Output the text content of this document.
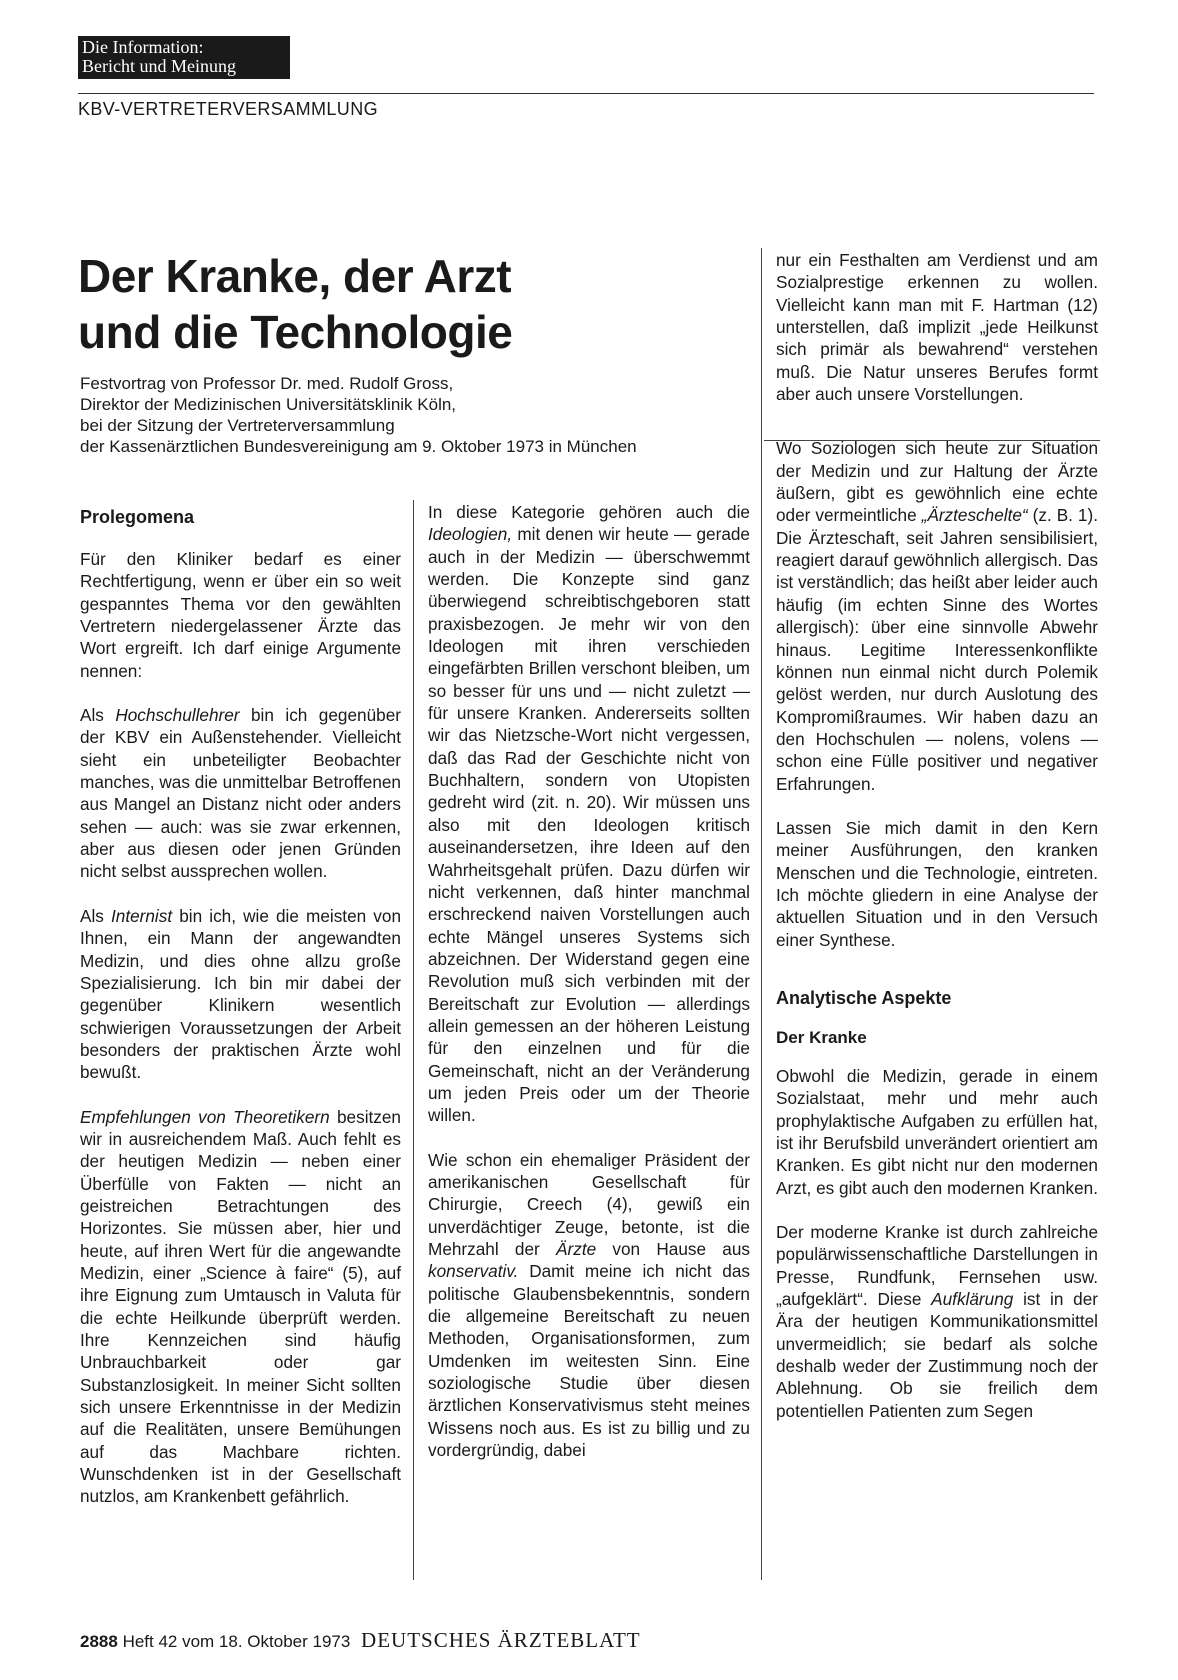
Die Information:
Bericht und Meinung
KBV-VERTRETERVERSAMMLUNG
Der Kranke, der Arzt
und die Technologie
Festvortrag von Professor Dr. med. Rudolf Gross,
Direktor der Medizinischen Universitätsklinik Köln,
bei der Sitzung der Vertreterversammlung
der Kassenärztlichen Bundesvereinigung am 9. Oktober 1973 in München
Prolegomena

Für den Kliniker bedarf es einer Rechtfertigung, wenn er über ein so weit gespanntes Thema vor den gewählten Vertretern niedergelassener Ärzte das Wort ergreift. Ich darf einige Argumente nennen:

Als Hochschullehrer bin ich gegenüber der KBV ein Außenstehender. Vielleicht sieht ein unbeteiligter Beobachter manches, was die unmittelbar Betroffenen aus Mangel an Distanz nicht oder anders sehen — auch: was sie zwar erkennen, aber aus diesen oder jenen Gründen nicht selbst aussprechen wollen.

Als Internist bin ich, wie die meisten von Ihnen, ein Mann der angewandten Medizin, und dies ohne allzu große Spezialisierung. Ich bin mir dabei der gegenüber Klinikern wesentlich schwierigen Voraussetzungen der Arbeit besonders der praktischen Ärzte wohl bewußt.

Empfehlungen von Theoretikern besitzen wir in ausreichendem Maß. Auch fehlt es der heutigen Medizin — neben einer Überfülle von Fakten — nicht an geistreichen Betrachtungen des Horizontes. Sie müssen aber, hier und heute, auf ihren Wert für die angewandte Medizin, einer „Science à faire“ (5), auf ihre Eignung zum Umtausch in Valuta für die echte Heilkunde überprüft werden. Ihre Kennzeichen sind häufig Unbrauchbarkeit oder gar Substanzlosigkeit. In meiner Sicht sollten sich unsere Erkenntnisse in der Medizin auf die Realitäten, unsere Bemühungen auf das Machbare richten. Wunschdenken ist in der Gesellschaft nutzlos, am Krankenbett gefährlich.

In diese Kategorie gehören auch die Ideologien, mit denen wir heute — gerade auch in der Medizin — überschwemmt werden. Die Konzepte sind ganz überwiegend schreibtischgeboren statt praxisbezogen. Je mehr wir von den Ideologen mit ihren verschieden eingefärbten Brillen verschont bleiben, um so besser für uns und — nicht zuletzt — für unsere Kranken. Andererseits sollten wir das Nietzsche-Wort nicht vergessen, daß das Rad der Geschichte nicht von Buchhaltern, sondern von Utopisten gedreht wird (zit. n. 20). Wir müssen uns also mit den Ideologen kritisch auseinandersetzen, ihre Ideen auf den Wahrheitsgehalt prüfen. Dazu dürfen wir nicht verkennen, daß hinter manchmal erschreckend naiven Vorstellungen auch echte Mängel unseres Systems sich abzeichnen. Der Widerstand gegen eine Revolution muß sich verbinden mit der Bereitschaft zur Evolution — allerdings allein gemessen an der höheren Leistung für den einzelnen und für die Gemeinschaft, nicht an der Veränderung um jeden Preis oder um der Theorie willen.

Wie schon ein ehemaliger Präsident der amerikanischen Gesellschaft für Chirurgie, Creech (4), gewiß ein unverdächtiger Zeuge, betonte, ist die Mehrzahl der Ärzte von Hause aus konservativ. Damit meine ich nicht das politische Glaubensbekenntnis, sondern die allgemeine Bereitschaft zu neuen Methoden, Organisationsformen, zum Umdenken im weitesten Sinn. Eine soziologische Studie über diesen ärztlichen Konservativismus steht meines Wissens noch aus. Es ist zu billig und zu vordergründig, dabei

nur ein Festhalten am Verdienst und am Sozialprestige erkennen zu wollen. Vielleicht kann man mit F. Hartman (12) unterstellen, daß implizit „jede Heilkunst sich primär als bewahrend“ verstehen muß. Die Natur unseres Berufes formt aber auch unsere Vorstellungen.

Wo Soziologen sich heute zur Situation der Medizin und zur Haltung der Ärzte äußern, gibt es gewöhnlich eine echte oder vermeintliche „Ärzteschelte“ (z. B. 1). Die Ärzteschaft, seit Jahren sensibilisiert, reagiert darauf gewöhnlich allergisch. Das ist verständlich; das heißt aber leider auch häufig (im echten Sinne des Wortes allergisch): über eine sinnvolle Abwehr hinaus. Legitime Interessenkonflikte können nun einmal nicht durch Polemik gelöst werden, nur durch Auslotung des Kompromißraumes. Wir haben dazu an den Hochschulen — nolens, volens — schon eine Fülle positiver und negativer Erfahrungen.

Lassen Sie mich damit in den Kern meiner Ausführungen, den kranken Menschen und die Technologie, eintreten. Ich möchte gliedern in eine Analyse der aktuellen Situation und in den Versuch einer Synthese.

Analytische Aspekte
Der Kranke

Obwohl die Medizin, gerade in einem Sozialstaat, mehr und mehr auch prophylaktische Aufgaben zu erfüllen hat, ist ihr Berufsbild unverändert orientiert am Kranken. Es gibt nicht nur den modernen Arzt, es gibt auch den modernen Kranken.

Der moderne Kranke ist durch zahlreiche populärwissenschaftliche Darstellungen in Presse, Rundfunk, Fernsehen usw. „aufgeklärt“. Diese Aufklärung ist in der Ära der heutigen Kommunikationsmittel unvermeidlich; sie bedarf als solche deshalb weder der Zustimmung noch der Ablehnung. Ob sie freilich dem potentiellen Patienten zum Segen

2888 Heft 42 vom 18. Oktober 1973 DEUTSCHES ÄRZTEBLATT
